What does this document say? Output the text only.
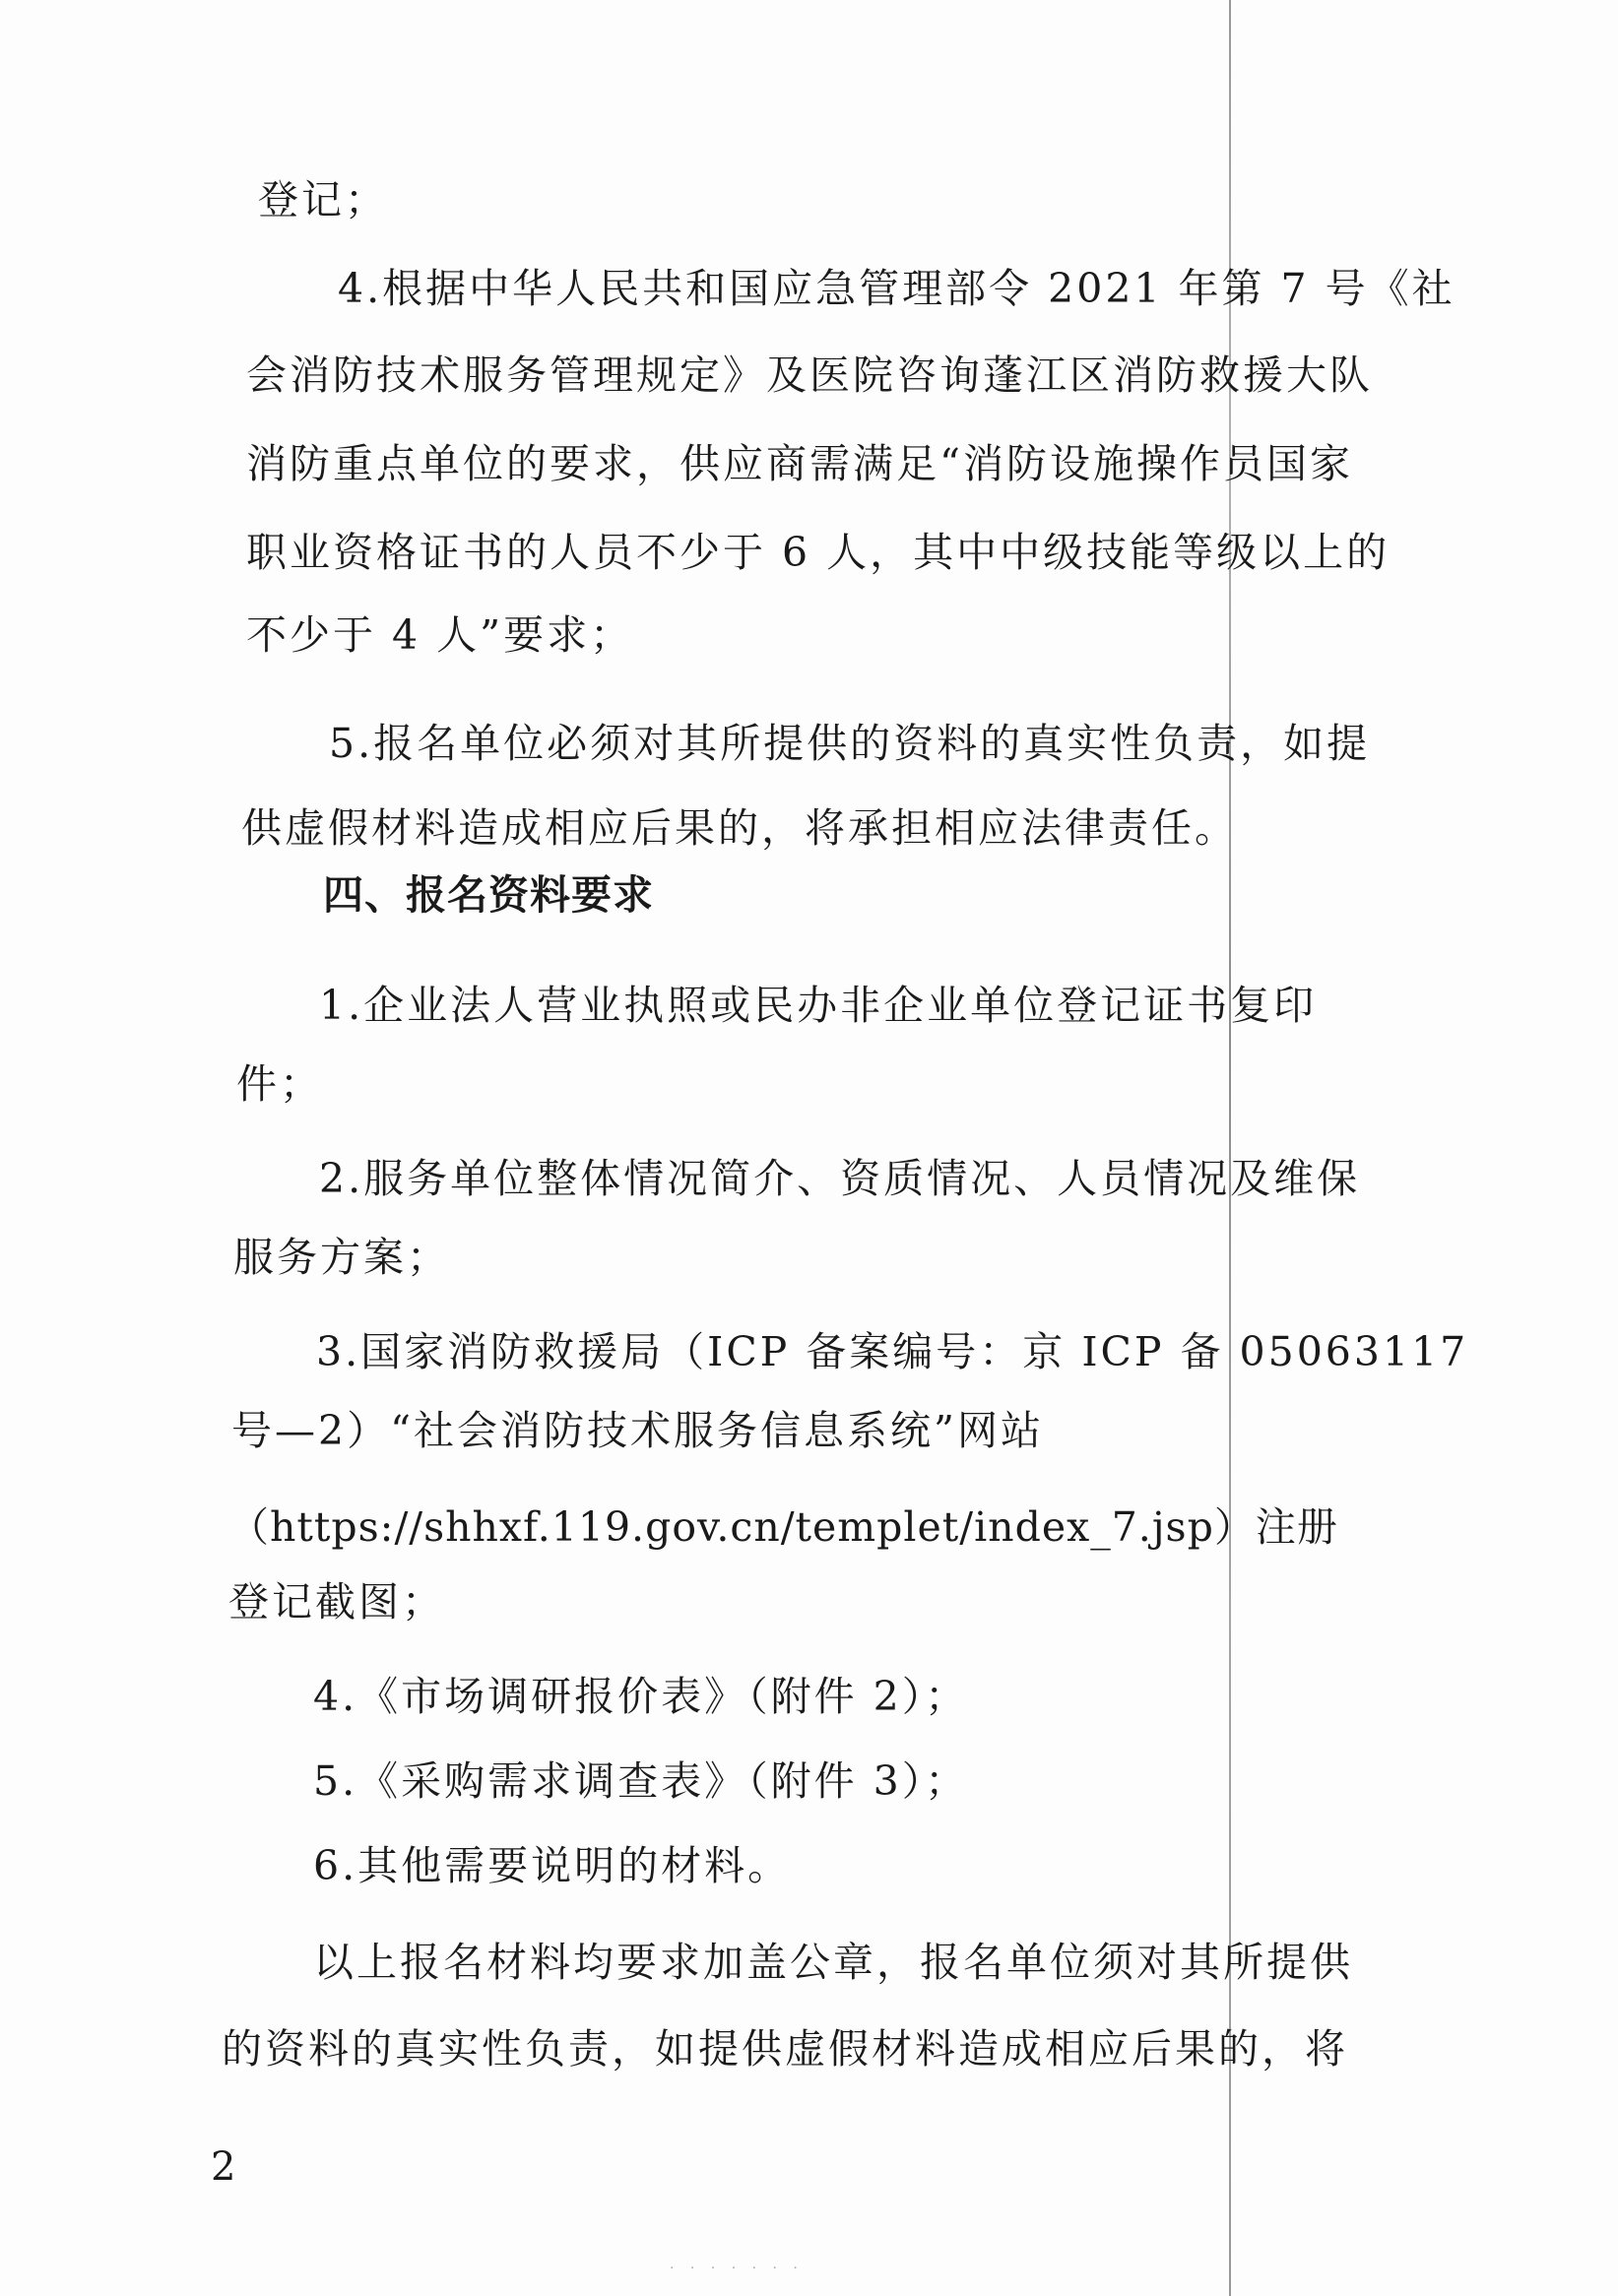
登记；
4.根据中华人民共和国应急管理部令 2021 年第 7 号《社
会消防技术服务管理规定》及医院咨询蓬江区消防救援大队
消防重点单位的要求，供应商需满足“消防设施操作员国家
职业资格证书的人员不少于 6 人，其中中级技能等级以上的
不少于 4 人”要求；
5.报名单位必须对其所提供的资料的真实性负责，如提
供虚假材料造成相应后果的，将承担相应法律责任。
四、报名资料要求
1.企业法人营业执照或民办非企业单位登记证书复印
件；
2.服务单位整体情况简介、资质情况、人员情况及维保
服务方案；
3.国家消防救援局（ICP 备案编号：京 ICP 备 05063117
号—2）“社会消防技术服务信息系统”网站
（https://shhxf.119.gov.cn/templet/index_7.jsp）注册
登记截图；
4.《市场调研报价表》（附件 2）；
5.《采购需求调查表》（附件 3）；
6.其他需要说明的材料。
以上报名材料均要求加盖公章，报名单位须对其所提供
的资料的真实性负责，如提供虚假材料造成相应后果的，将
2
· · · · · · ·
